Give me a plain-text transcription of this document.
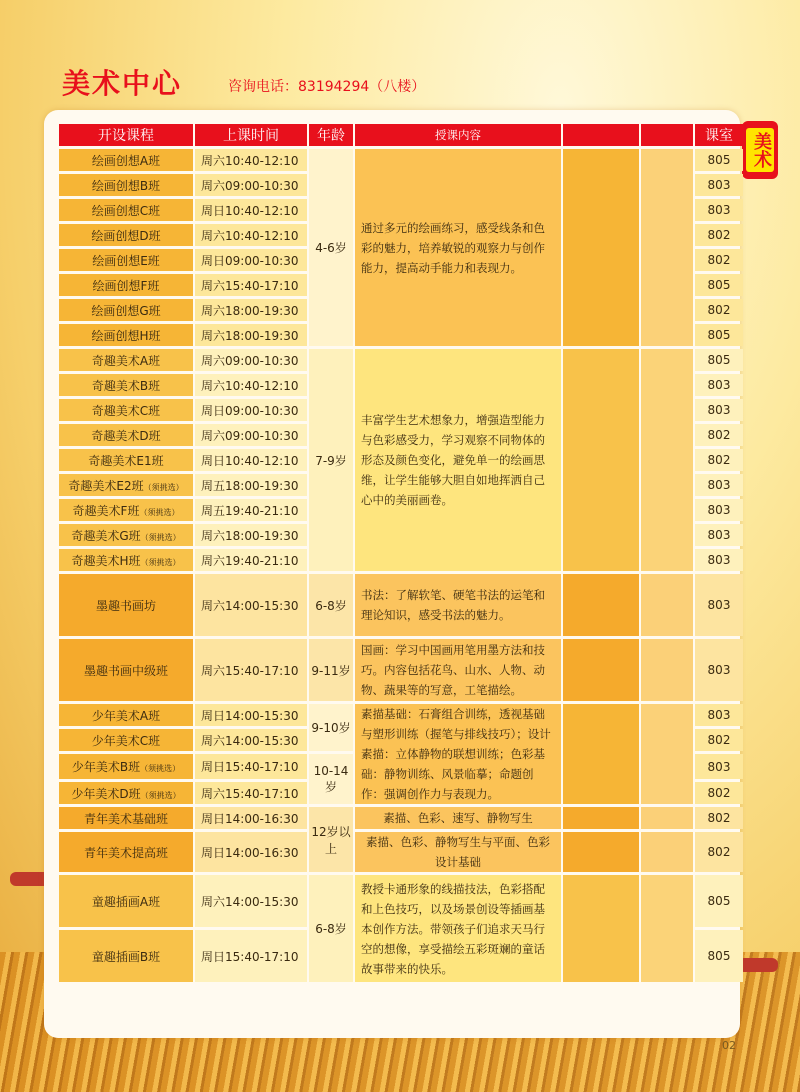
美术中心	咨询电话：83194294（八楼）
美术
开设课程	上课时间	年龄	授课内容			课室
绘画创想A班	周六10:40-12:10	4-6岁	通过多元的绘画练习，感受线条和色彩的魅力，培养敏锐的观察力与创作能力，提高动手能力和表现力。			805
绘画创想B班	周六09:00-10:30					803
绘画创想C班	周日10:40-12:10					803
绘画创想D班	周六10:40-12:10					802
绘画创想E班	周日09:00-10:30					802
绘画创想F班	周六15:40-17:10					805
绘画创想G班	周六18:00-19:30					802
绘画创想H班	周六18:00-19:30					805
奇趣美术A班	周六09:00-10:30	7-9岁	丰富学生艺术想象力，增强造型能力与色彩感受力，学习观察不同物体的形态及颜色变化，避免单一的绘画思维，让学生能够大胆自如地挥洒自己心中的美丽画卷。			805
奇趣美术B班	周六10:40-12:10					803
奇趣美术C班	周日09:00-10:30					803
奇趣美术D班	周六09:00-10:30					802
奇趣美术E1班	周日10:40-12:10					802
奇趣美术E2班（须挑选）	周五18:00-19:30					803
奇趣美术F班（须挑选）	周五19:40-21:10					803
奇趣美术G班（须挑选）	周六18:00-19:30					803
奇趣美术H班（须挑选）	周六19:40-21:10					803
墨趣书画坊	周六14:00-15:30	6-8岁	书法：了解软笔、硬笔书法的运笔和理论知识，感受书法的魅力。			803
墨趣书画中级班	周六15:40-17:10	9-11岁	国画：学习中国画用笔用墨方法和技巧。内容包括花鸟、山水、人物、动物、蔬果等的写意，工笔描绘。			803
少年美术A班	周日14:00-15:30	9-10岁	素描基础：石膏组合训练，透视基础与塑形训练（握笔与排线技巧）；设计素描：立体静物的联想训练；色彩基础：静物训练、风景临摹；命题创作：强调创作力与表现力。			803
少年美术C班	周六14:00-15:30					802
少年美术B班（须挑选）	周日15:40-17:10	10-14岁				803
少年美术D班（须挑选）	周六15:40-17:10					802
青年美术基础班	周日14:00-16:30	12岁以上	素描、色彩、速写、静物写生			802
青年美术提高班	周日14:00-16:30		素描、色彩、静物写生与平面、色彩设计基础			802
童趣插画A班	周六14:00-15:30	6-8岁	教授卡通形象的线描技法，色彩搭配和上色技巧，以及场景创设等插画基本创作方法。带领孩子们追求天马行空的想像，享受描绘五彩斑斓的童话故事带来的快乐。			805
童趣插画B班	周日15:40-17:10					805
02
